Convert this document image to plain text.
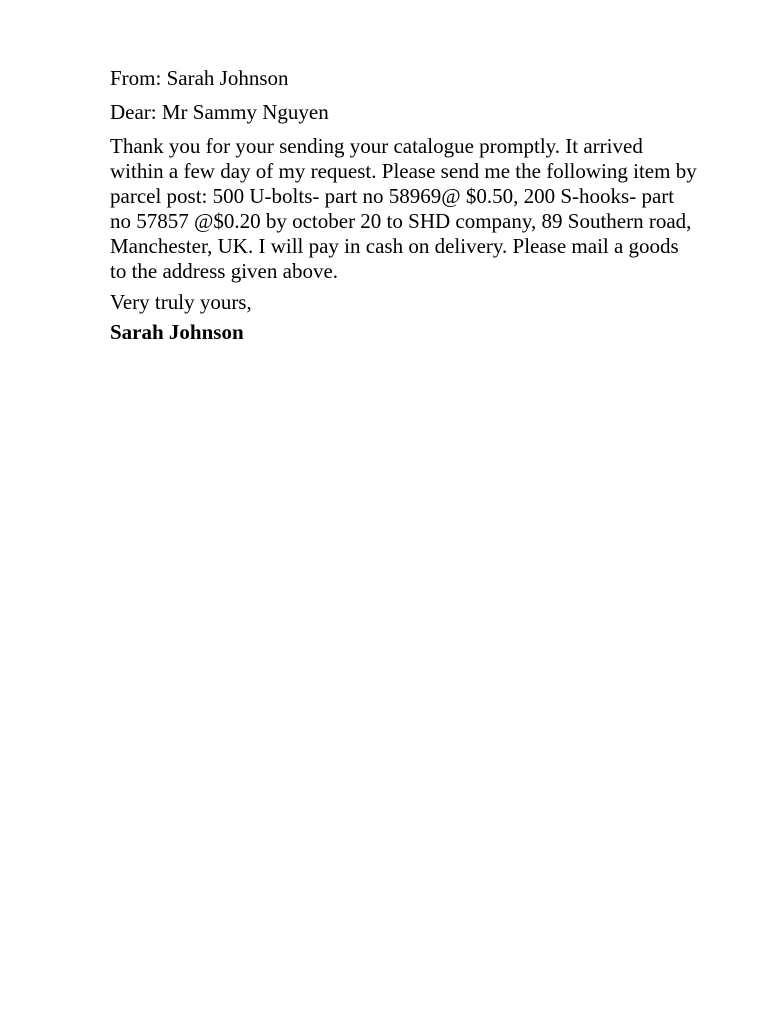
From: Sarah Johnson

Dear: Mr Sammy Nguyen

Thank you for your sending your catalogue promptly. It arrived within a few day of my request. Please send me the following item by parcel post: 500 U-bolts- part no 58969@ $0.50, 200 S-hooks- part no 57857 @$0.20 by october 20 to SHD company, 89 Southern road, Manchester, UK. I will pay in cash on delivery. Please mail a goods to the address given above.

Very truly yours,

Sarah Johnson
